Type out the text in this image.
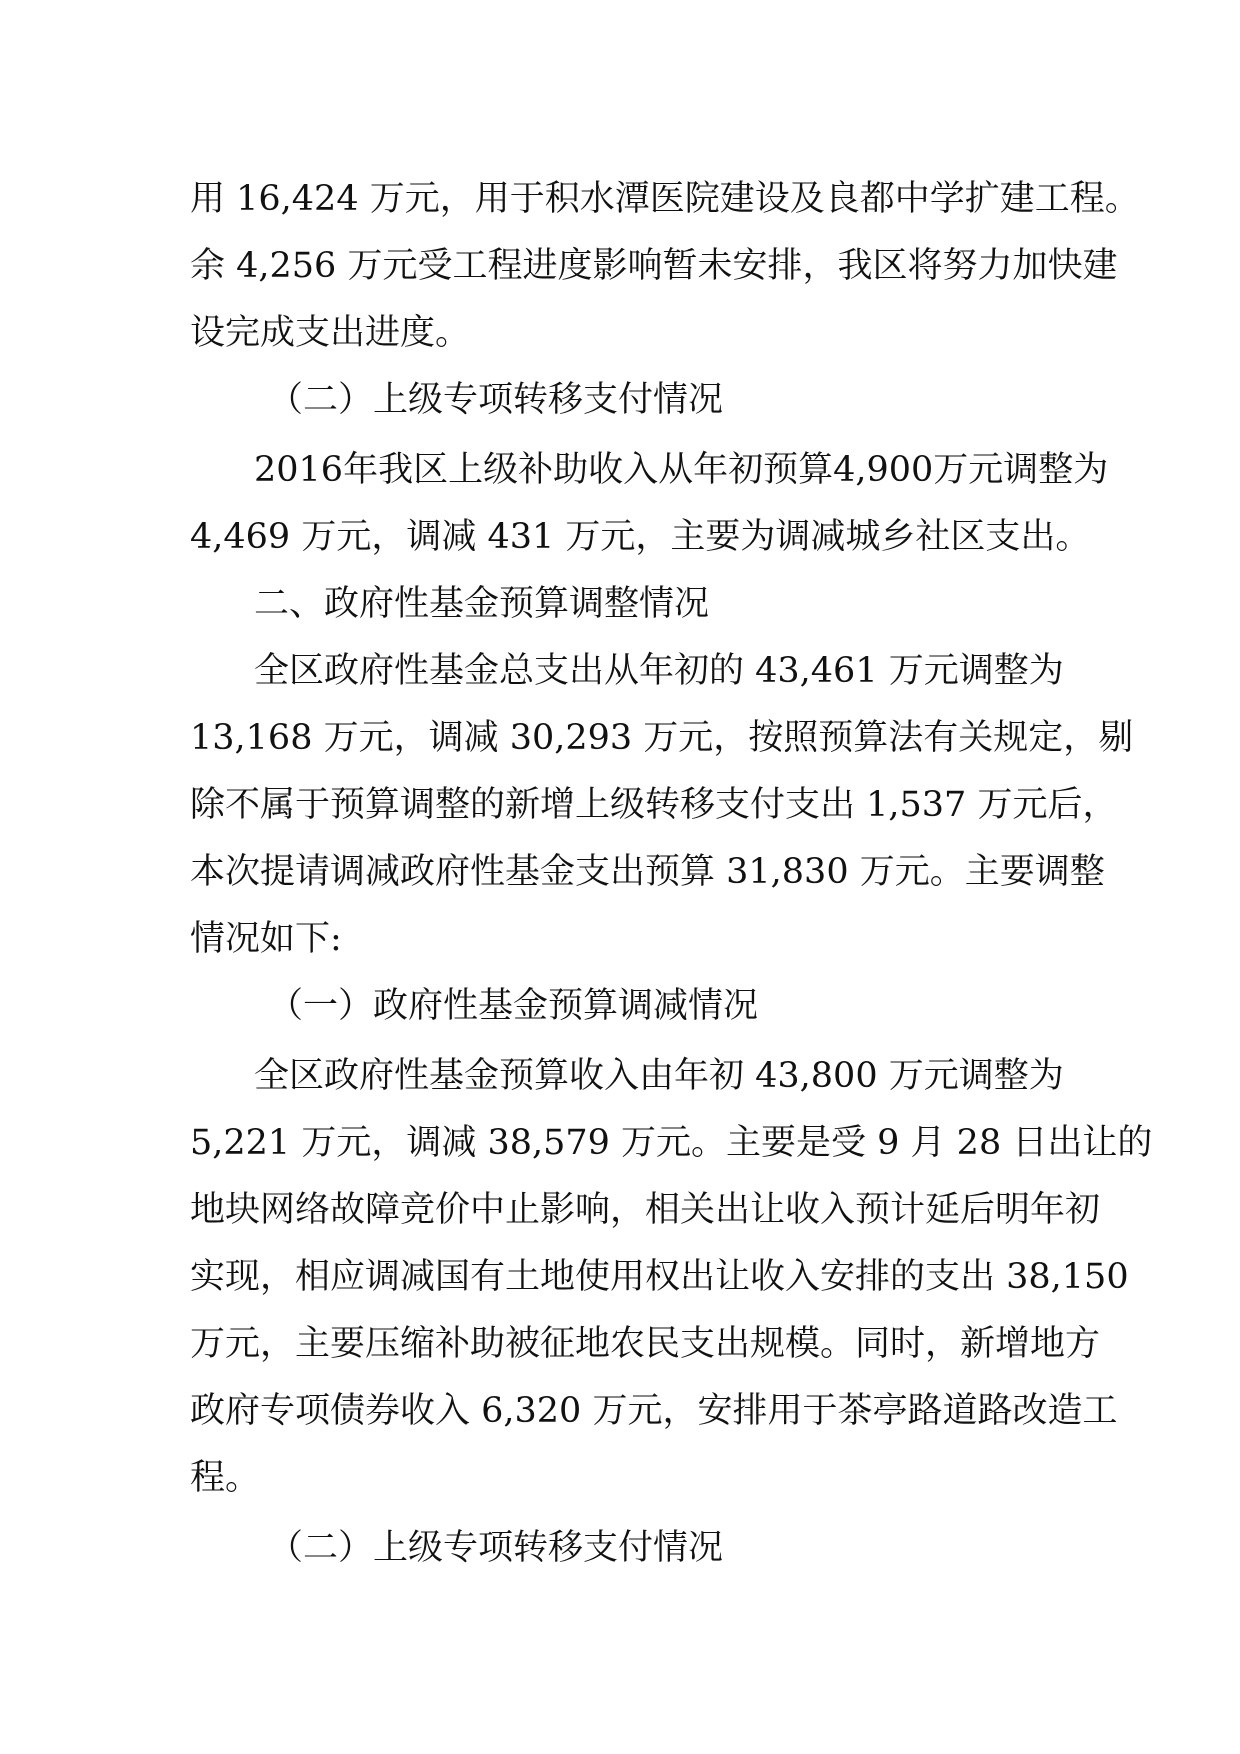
用 16,424 万元，用于积水潭医院建设及良都中学扩建工程。
余 4,256 万元受工程进度影响暂未安排，我区将努力加快建
设完成支出进度。
（二）上级专项转移支付情况
2016年我区上级补助收入从年初预算4,900万元调整为
4,469 万元，调减 431 万元，主要为调减城乡社区支出。
二、政府性基金预算调整情况
全区政府性基金总支出从年初的 43,461 万元调整为
13,168 万元，调减 30,293 万元，按照预算法有关规定，剔
除不属于预算调整的新增上级转移支付支出 1,537 万元后，
本次提请调减政府性基金支出预算 31,830 万元。主要调整
情况如下:
（一）政府性基金预算调减情况
全区政府性基金预算收入由年初 43,800 万元调整为
5,221 万元，调减 38,579 万元。主要是受 9 月 28 日出让的
地块网络故障竞价中止影响，相关出让收入预计延后明年初
实现，相应调减国有土地使用权出让收入安排的支出 38,150
万元，主要压缩补助被征地农民支出规模。同时，新增地方
政府专项债券收入 6,320 万元，安排用于茶亭路道路改造工
程。
（二）上级专项转移支付情况
